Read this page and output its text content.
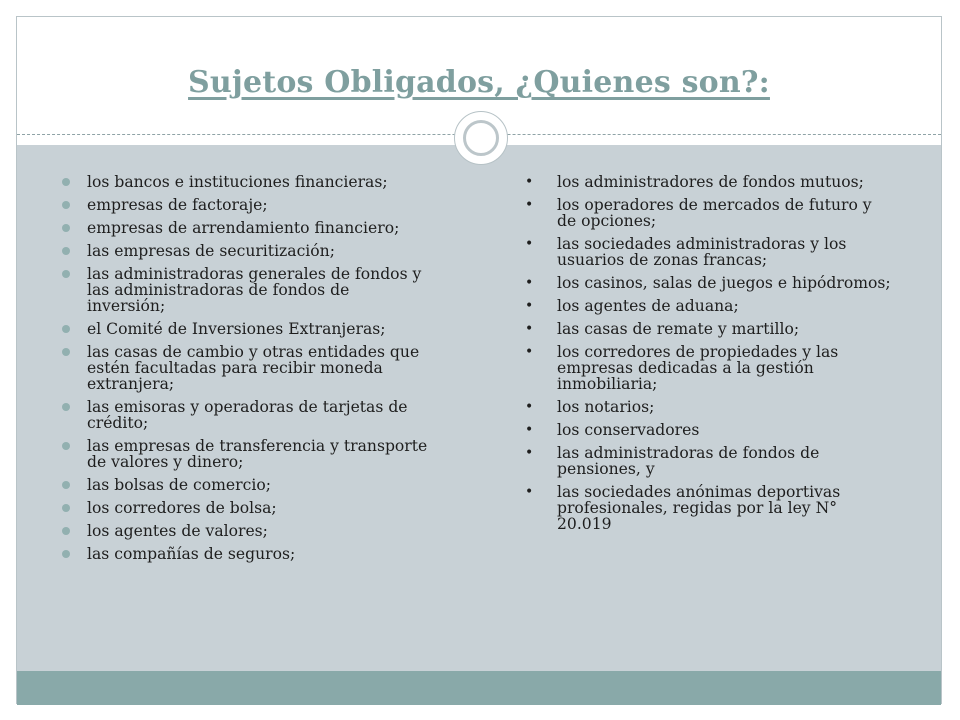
Sujetos Obligados, ¿Quienes son?:
los bancos e instituciones financieras;
empresas de factoraje;
empresas de arrendamiento financiero;
las empresas de securitización;
las administradoras generales de fondos y las administradoras de fondos de inversión;
el Comité de Inversiones Extranjeras;
las casas de cambio y otras entidades que estén facultadas para recibir moneda extranjera;
las emisoras y operadoras de tarjetas de crédito;
las empresas de transferencia y transporte de valores y dinero;
las bolsas de comercio;
los corredores de bolsa;
los agentes de valores;
las compañías de seguros;
• los administradores de fondos mutuos;
• los operadores de mercados de futuro y de opciones;
• las sociedades administradoras y los usuarios de zonas francas;
• los casinos, salas de juegos e hipódromos;
• los agentes de aduana;
• las casas de remate y martillo;
• los corredores de propiedades y las empresas dedicadas a la gestión inmobiliaria;
• los notarios;
• los conservadores
• las administradoras de fondos de pensiones, y
• las sociedades anónimas deportivas profesionales, regidas por la ley N° 20.019
